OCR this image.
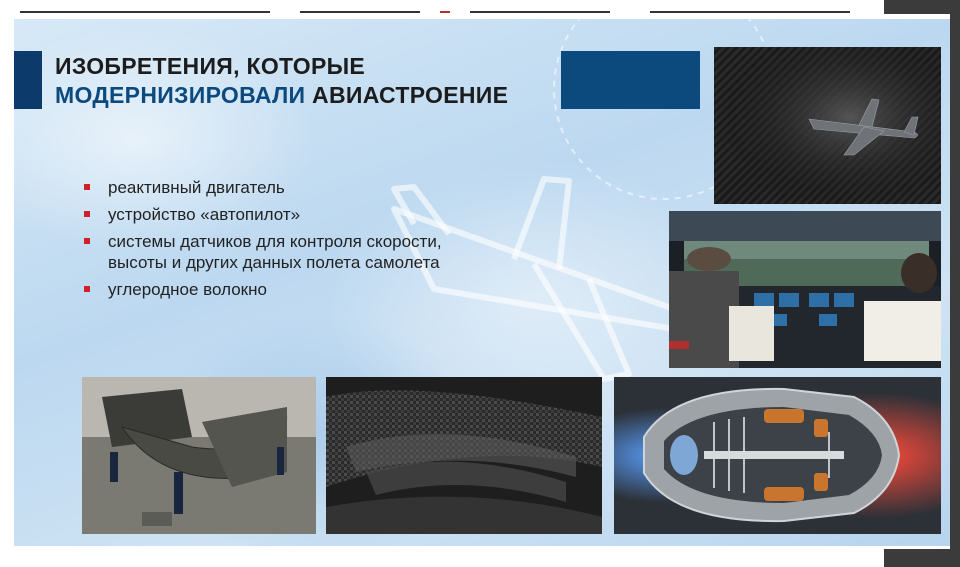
ИЗОБРЕТЕНИЯ, КОТОРЫЕ
МОДЕРНИЗИРОВАЛИ АВИАСТРОЕНИЕ
реактивный двигатель
устройство «автопилот»
системы датчиков для контроля скорости,
высоты и других данных полета самолета
углеродное волокно
